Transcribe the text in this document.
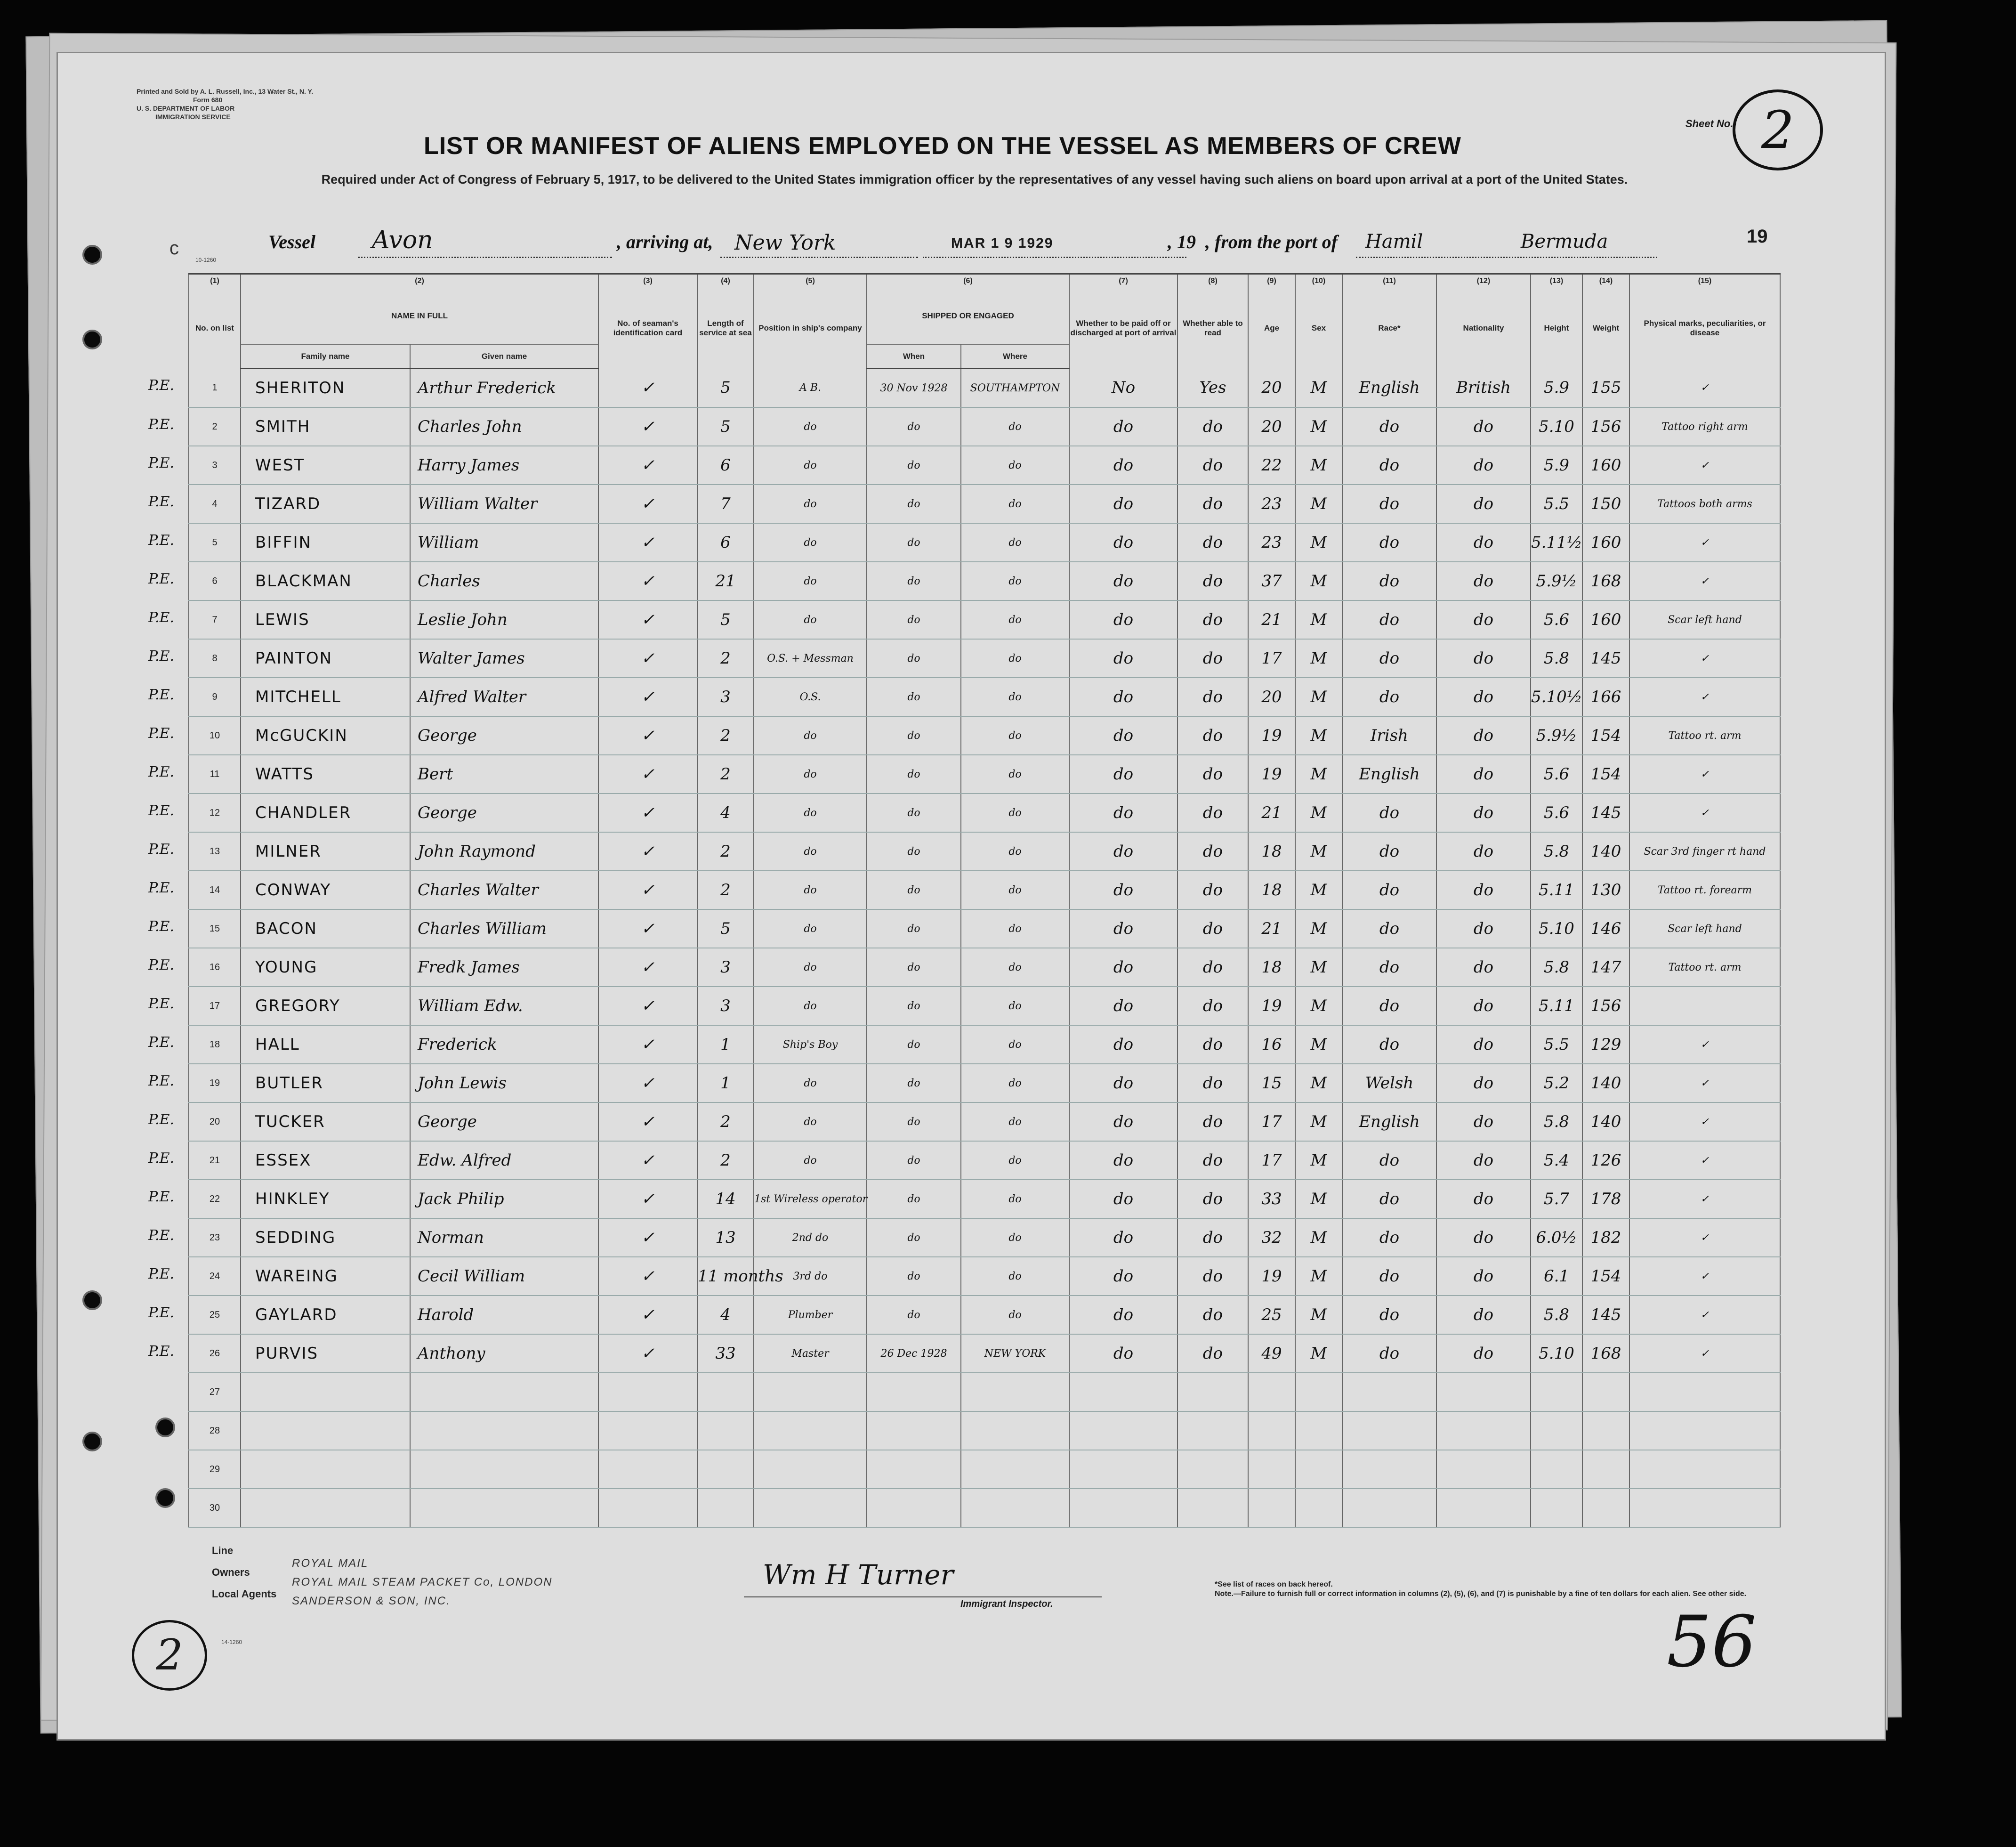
Printed and Sold by A. L. Russell, Inc., 13 Water St., N. Y.
Form 680
U. S. DEPARTMENT OF LABOR
IMMIGRATION SERVICE
LIST OR MANIFEST OF ALIENS EMPLOYED ON THE VESSEL AS MEMBERS OF CREW
Required under Act of Congress of February 5, 1917, to be delivered to the United States immigration officer by the representatives of any vessel having such aliens on board upon arrival at a port of the United States.
Sheet No. 2
c	Vessel Avon	, arriving at, New York	MAR 1 9 1929	, 19 , from the port of Hamil	Bermuda	19
10-1260
(1)	(2)		(3)	(4)	(5)	(6)		(7)	(8)	(9)	(10)	(11)	(12)	(13)	(14)	(15)
No. on list	NAME IN FULL		No. of seaman's identification card	Length of service at sea	Position in ship's company	SHIPPED OR ENGAGED		Whether to be paid off or discharged at port of arrival	Whether able to read	Age	Sex	Race*	Nationality	Height	Weight	Physical marks, peculiarities, or disease
	Family name	Given name				When	Where									
1	SHERITON	Arthur Frederick	✓	5	A B.	30 Nov 1928	SOUTHAMPTON	No	Yes	20	M	English	British	5.9	155	✓
2	SMITH	Charles John	✓	5	do	do	do	do	do	20	M	do	do	5.10	156	Tattoo right arm
3	WEST	Harry James	✓	6	do	do	do	do	do	22	M	do	do	5.9	160	✓
4	TIZARD	William Walter	✓	7	do	do	do	do	do	23	M	do	do	5.5	150	Tattoos both arms
5	BIFFIN	William	✓	6	do	do	do	do	do	23	M	do	do	5.11½	160	✓
6	BLACKMAN	Charles	✓	21	do	do	do	do	do	37	M	do	do	5.9½	168	✓
7	LEWIS	Leslie John	✓	5	do	do	do	do	do	21	M	do	do	5.6	160	Scar left hand
8	PAINTON	Walter James	✓	2	O.S. + Messman	do	do	do	do	17	M	do	do	5.8	145	✓
9	MITCHELL	Alfred Walter	✓	3	O.S.	do	do	do	do	20	M	do	do	5.10½	166	✓
10	McGUCKIN	George	✓	2	do	do	do	do	do	19	M	Irish	do	5.9½	154	Tattoo rt. arm
11	WATTS	Bert	✓	2	do	do	do	do	do	19	M	English	do	5.6	154	✓
12	CHANDLER	George	✓	4	do	do	do	do	do	21	M	do	do	5.6	145	✓
13	MILNER	John Raymond	✓	2	do	do	do	do	do	18	M	do	do	5.8	140	Scar 3rd finger rt hand
14	CONWAY	Charles Walter	✓	2	do	do	do	do	do	18	M	do	do	5.11	130	Tattoo rt. forearm
15	BACON	Charles William	✓	5	do	do	do	do	do	21	M	do	do	5.10	146	Scar left hand
16	YOUNG	Fredk James	✓	3	do	do	do	do	do	18	M	do	do	5.8	147	Tattoo rt. arm
17	GREGORY	William Edw.	✓	3	do	do	do	do	do	19	M	do	do	5.11	156	
18	HALL	Frederick	✓	1	Ship's Boy	do	do	do	do	16	M	do	do	5.5	129	✓
19	BUTLER	John Lewis	✓	1	do	do	do	do	do	15	M	Welsh	do	5.2	140	✓
20	TUCKER	George	✓	2	do	do	do	do	do	17	M	English	do	5.8	140	✓
21	ESSEX	Edw. Alfred	✓	2	do	do	do	do	do	17	M	do	do	5.4	126	✓
22	HINKLEY	Jack Philip	✓	14	1st Wireless operator	do	do	do	do	33	M	do	do	5.7	178	✓
23	SEDDING	Norman	✓	13	2nd do	do	do	do	do	32	M	do	do	6.0½	182	✓
24	WAREING	Cecil William	✓	11 months	3rd do	do	do	do	do	19	M	do	do	6.1	154	✓
25	GAYLARD	Harold	✓	4	Plumber	do	do	do	do	25	M	do	do	5.8	145	✓
26	PURVIS	Anthony	✓	33	Master	26 Dec 1928	NEW YORK	do	do	49	M	do	do	5.10	168	✓
27																
28																
29																
30																
P.E.
P.E.
P.E.
P.E.
P.E.
P.E.
P.E.
P.E.
P.E.
P.E.
P.E.
P.E.
P.E.
P.E.
P.E.
P.E.
P.E.
P.E.
P.E.
P.E.
P.E.
P.E.
P.E.
P.E.
P.E.
P.E.
Line
Owners
Local Agents
ROYAL MAIL
ROYAL MAIL STEAM PACKET Co, LONDON
SANDERSON & SON, INC.
Wm H Turner
Immigrant Inspector.
*See list of races on back hereof.
Note.—Failure to furnish full or correct information in columns (2), (5), (6), and (7) is punishable by a fine of ten dollars for each alien. See other side.
2	14-1260	56
